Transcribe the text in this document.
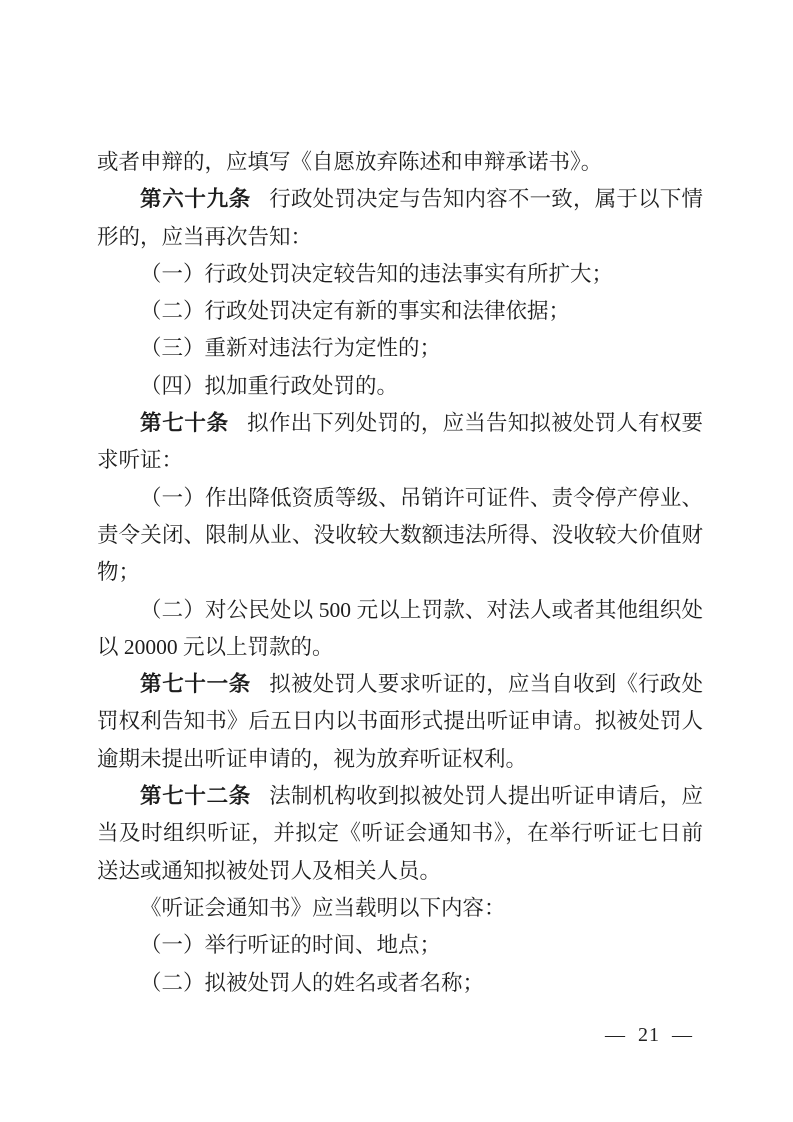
或者申辩的，应填写《自愿放弃陈述和申辩承诺书》。

第六十九条 行政处罚决定与告知内容不一致，属于以下情形的，应当再次告知：

（一）行政处罚决定较告知的违法事实有所扩大；

（二）行政处罚决定有新的事实和法律依据；

（三）重新对违法行为定性的；

（四）拟加重行政处罚的。

第七十条 拟作出下列处罚的，应当告知拟被处罚人有权要求听证：

（一）作出降低资质等级、吊销许可证件、责令停产停业、责令关闭、限制从业、没收较大数额违法所得、没收较大价值财物；

（二）对公民处以 500 元以上罚款、对法人或者其他组织处以 20000 元以上罚款的。

第七十一条 拟被处罚人要求听证的，应当自收到《行政处罚权利告知书》后五日内以书面形式提出听证申请。拟被处罚人逾期未提出听证申请的，视为放弃听证权利。

第七十二条 法制机构收到拟被处罚人提出听证申请后，应当及时组织听证，并拟定《听证会通知书》，在举行听证七日前送达或通知拟被处罚人及相关人员。

《听证会通知书》应当载明以下内容：

（一）举行听证的时间、地点；

（二）拟被处罚人的姓名或者名称；

— 21 —
